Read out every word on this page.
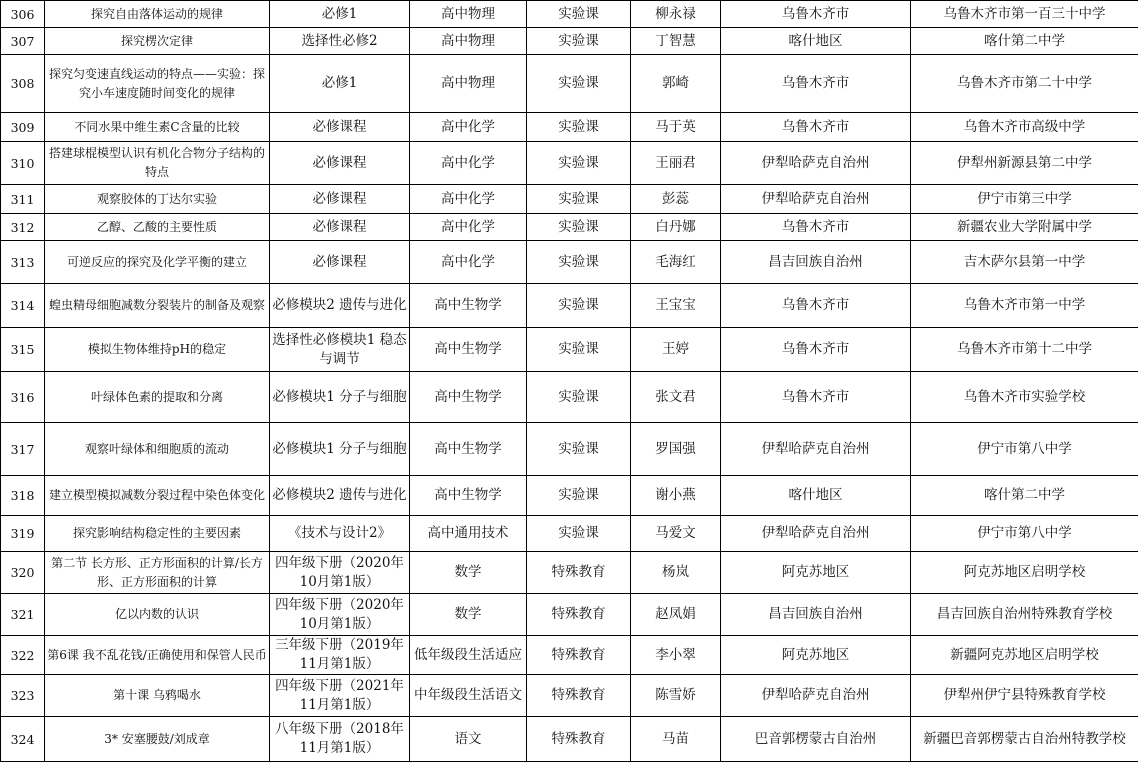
306	探究自由落体运动的规律	必修1	高中物理	实验课	柳永禄	乌鲁木齐市	乌鲁木齐市第一百三十中学
307	探究楞次定律	选择性必修2	高中物理	实验课	丁智慧	喀什地区	喀什第二中学
308	探究匀变速直线运动的特点——实验：探究小车速度随时间变化的规律	必修1	高中物理	实验课	郭崎	乌鲁木齐市	乌鲁木齐市第二十中学
309	不同水果中维生素C含量的比较	必修课程	高中化学	实验课	马于英	乌鲁木齐市	乌鲁木齐市高级中学
310	搭建球棍模型认识有机化合物分子结构的特点	必修课程	高中化学	实验课	王丽君	伊犁哈萨克自治州	伊犁州新源县第二中学
311	观察胶体的丁达尔实验	必修课程	高中化学	实验课	彭蕊	伊犁哈萨克自治州	伊宁市第三中学
312	乙醇、乙酸的主要性质	必修课程	高中化学	实验课	白丹娜	乌鲁木齐市	新疆农业大学附属中学
313	可逆反应的探究及化学平衡的建立	必修课程	高中化学	实验课	毛海红	昌吉回族自治州	吉木萨尔县第一中学
314	蝗虫精母细胞减数分裂装片的制备及观察	必修模块2 遗传与进化	高中生物学	实验课	王宝宝	乌鲁木齐市	乌鲁木齐市第一中学
315	模拟生物体维持pH的稳定	选择性必修模块1 稳态与调节	高中生物学	实验课	王婷	乌鲁木齐市	乌鲁木齐市第十二中学
316	叶绿体色素的提取和分离	必修模块1 分子与细胞	高中生物学	实验课	张文君	乌鲁木齐市	乌鲁木齐市实验学校
317	观察叶绿体和细胞质的流动	必修模块1 分子与细胞	高中生物学	实验课	罗国强	伊犁哈萨克自治州	伊宁市第八中学
318	建立模型模拟减数分裂过程中染色体变化	必修模块2 遗传与进化	高中生物学	实验课	谢小燕	喀什地区	喀什第二中学
319	探究影响结构稳定性的主要因素	《技术与设计2》	高中通用技术	实验课	马爱文	伊犁哈萨克自治州	伊宁市第八中学
320	第二节 长方形、正方形面积的计算/长方形、正方形面积的计算	四年级下册（2020年10月第1版）	数学	特殊教育	杨岚	阿克苏地区	阿克苏地区启明学校
321	亿以内数的认识	四年级下册（2020年10月第1版）	数学	特殊教育	赵凤娟	昌吉回族自治州	昌吉回族自治州特殊教育学校
322	第6课 我不乱花钱/正确使用和保管人民币	三年级下册（2019年11月第1版）	低年级段生活适应	特殊教育	李小翠	阿克苏地区	新疆阿克苏地区启明学校
323	第十课 乌鸦喝水	四年级下册（2021年11月第1版）	中年级段生活语文	特殊教育	陈雪娇	伊犁哈萨克自治州	伊犁州伊宁县特殊教育学校
324	3* 安塞腰鼓/刘成章	八年级下册（2018年11月第1版）	语文	特殊教育	马苗	巴音郭楞蒙古自治州	新疆巴音郭楞蒙古自治州特教学校
